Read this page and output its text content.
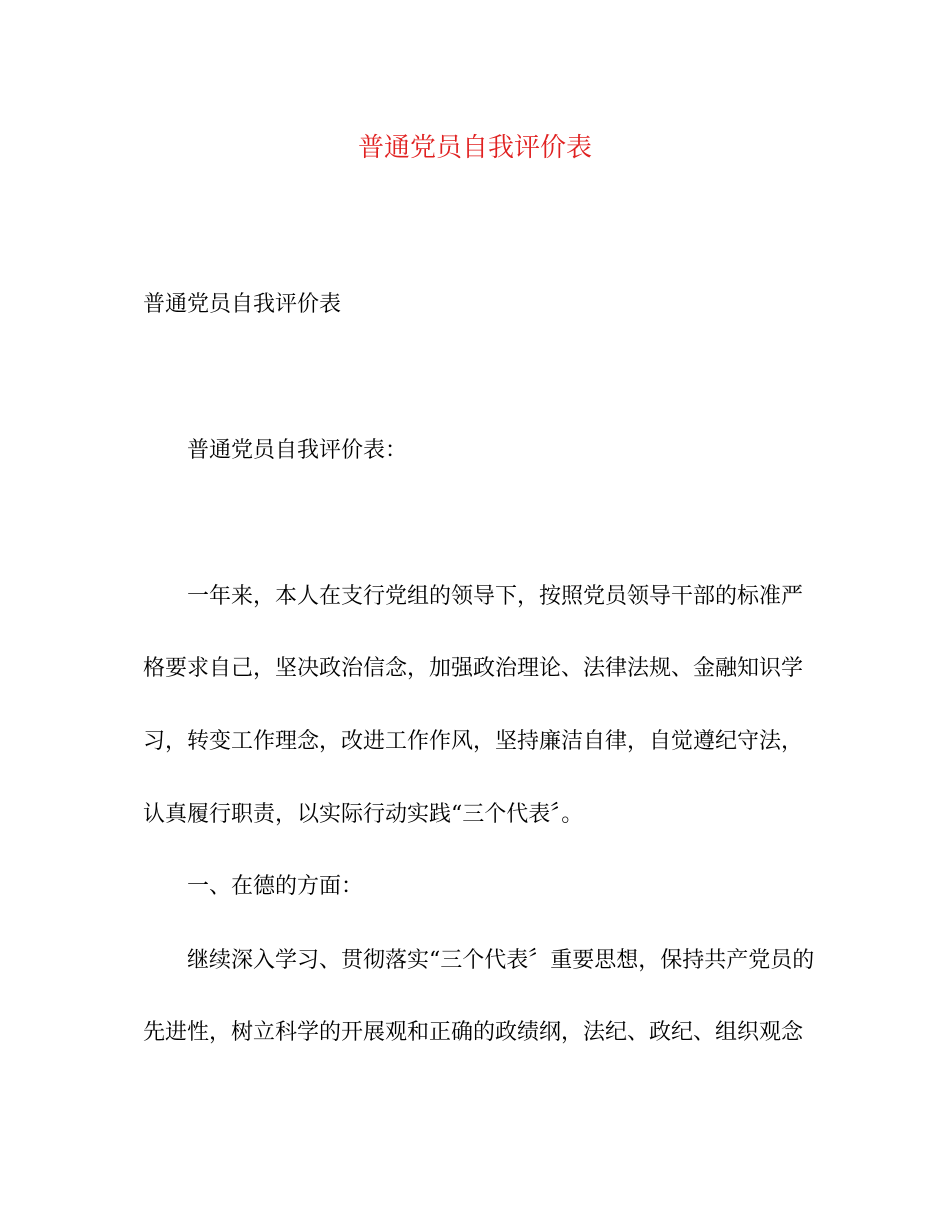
普通党员自我评价表
普通党员自我评价表
普通党员自我评价表：
一年来，本人在支行党组的领导下，按照党员领导干部的标准严
格要求自己，坚决政治信念，加强政治理论、法律法规、金融知识学
习，转变工作理念，改进工作作风，坚持廉洁自律，自觉遵纪守法，
认真履行职责，以实际行动实践“三个代表〞。
一、在德的方面：
继续深入学习、贯彻落实“三个代表〞重要思想，保持共产党员的
先进性，树立科学的开展观和正确的政绩纲，法纪、政纪、组织观念
